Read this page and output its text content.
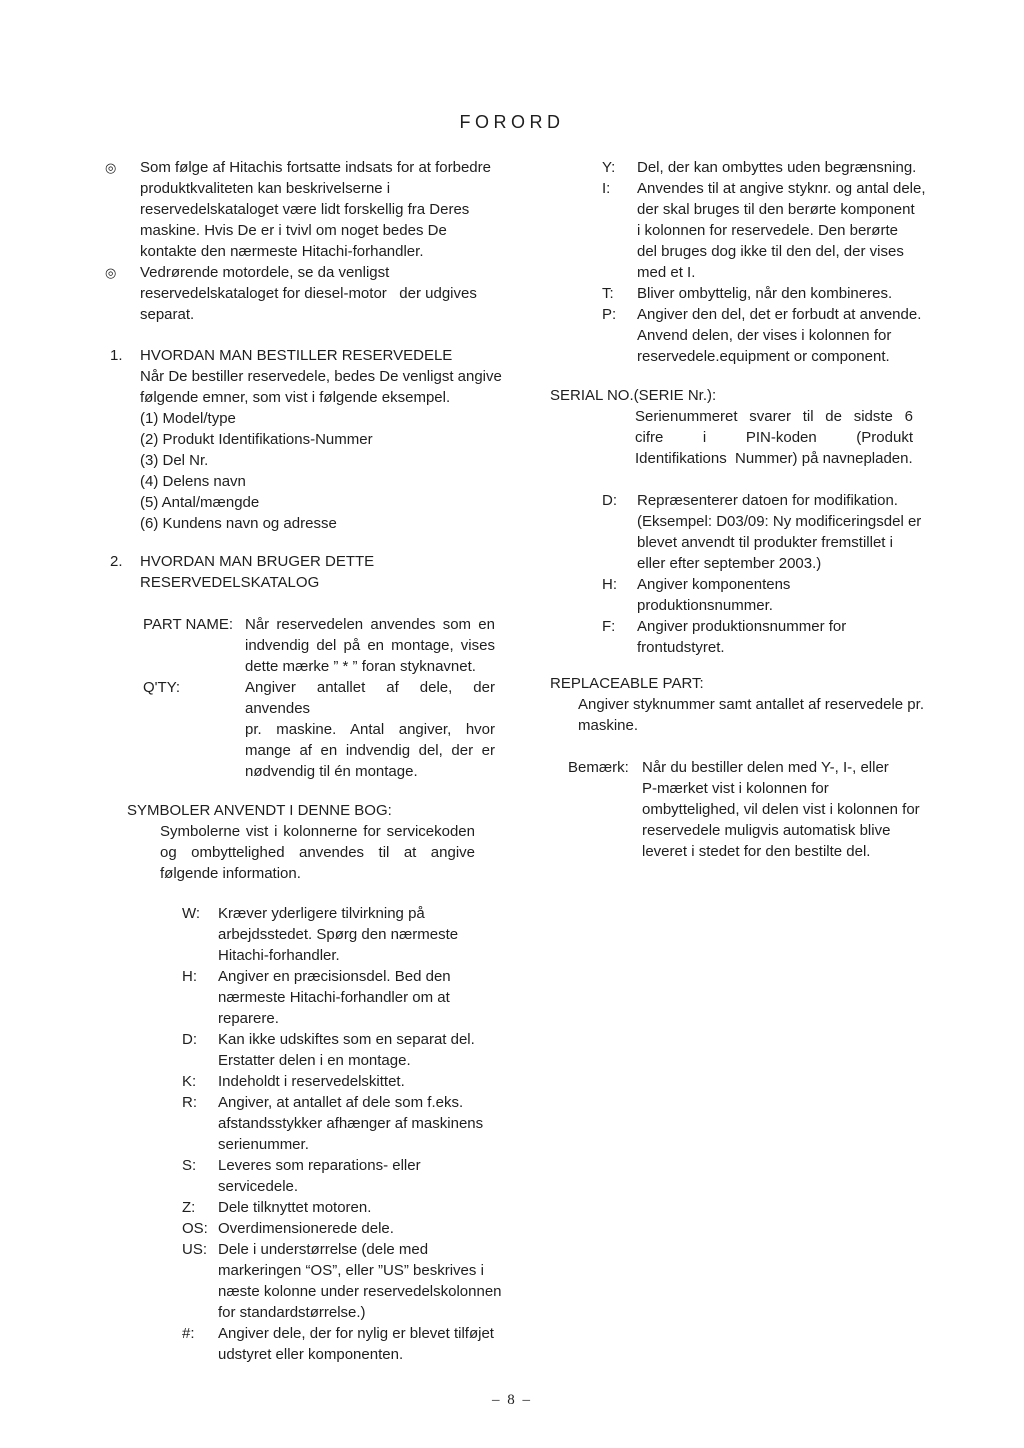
FORORD
◎	Som følge af Hitachis fortsatte indsats for at forbedre
produktkvaliteten kan beskrivelserne i
reservedelskataloget være lidt forskellig fra Deres
maskine. Hvis De er i tvivl om noget bedes De
kontakte den nærmeste Hitachi-forhandler.
◎	Vedrørende motordele, se da venligst
reservedelskataloget for diesel-motor   der udgives
separat.
1.	HVORDAN MAN BESTILLER RESERVEDELE
Når De bestiller reservedele, bedes De venligst angive
følgende emner, som vist i følgende eksempel.
(1) Model/type
(2) Produkt Identifikations-Nummer
(3) Del Nr.
(4) Delens navn
(5) Antal/mængde
(6) Kundens navn og adresse
2.	HVORDAN MAN BRUGER DETTE
RESERVEDELSKATALOG
PART NAME: Når reservedelen anvendes som en
indvendig del på en montage, vises
dette mærke ” * ” foran styknavnet.
Q'TY:	Angiver antallet af dele, der anvendes
pr. maskine. Antal angiver, hvor
mange af en indvendig del, der er
nødvendig til én montage.
SYMBOLER ANVENDT I DENNE BOG:
Symbolerne vist i kolonnerne for servicekoden
og ombyttelighed anvendes til at angive
følgende information.
W:	Kræver yderligere tilvirkning på
arbejdsstedet. Spørg den nærmeste
Hitachi-forhandler.
H:	Angiver en præcisionsdel. Bed den
nærmeste Hitachi-forhandler om at
reparere.
D:	Kan ikke udskiftes som en separat del.
Erstatter delen i en montage.
K:	Indeholdt i reservedelskittet.
R:	Angiver, at antallet af dele som f.eks.
afstandsstykker afhænger af maskinens
serienummer.
S:	Leveres som reparations- eller
servicedele.
Z:	Dele tilknyttet motoren.
OS: Overdimensionerede dele.
US: Dele i understørrelse (dele med
markeringen “OS”, eller ”US” beskrives i
næste kolonne under reservedelskolonnen
for standardstørrelse.)
#:	Angiver dele, der for nylig er blevet tilføjet
udstyret eller komponenten.
Y:	Del, der kan ombyttes uden begrænsning.
I:	Anvendes til at angive styknr. og antal dele,
der skal bruges til den berørte komponent
i kolonnen for reservedele. Den berørte
del bruges dog ikke til den del, der vises
med et I.
T:	Bliver ombyttelig, når den kombineres.
P:	Angiver den del, det er forbudt at anvende.
Anvend delen, der vises i kolonnen for
reservedele.equipment or component.
SERIAL NO.(SERIE Nr.):
Serienummeret svarer til de sidste 6
cifre i PIN-koden (Produkt
Identifikations  Nummer) på navnepladen.
D:	Repræsenterer datoen for modifikation.
(Eksempel: D03/09: Ny modificeringsdel er
blevet anvendt til produkter fremstillet i
eller efter september 2003.)
H:	Angiver komponentens
produktionsnummer.
F:	Angiver produktionsnummer for
frontudstyret.
REPLACEABLE PART:
Angiver styknummer samt antallet af reservedele pr.
maskine.
Bemærk: Når du bestiller delen med Y-, I-, eller
P-mærket vist i kolonnen for
ombyttelighed, vil delen vist i kolonnen for
reservedele muligvis automatisk blive
leveret i stedet for den bestilte del.
– 8 –
